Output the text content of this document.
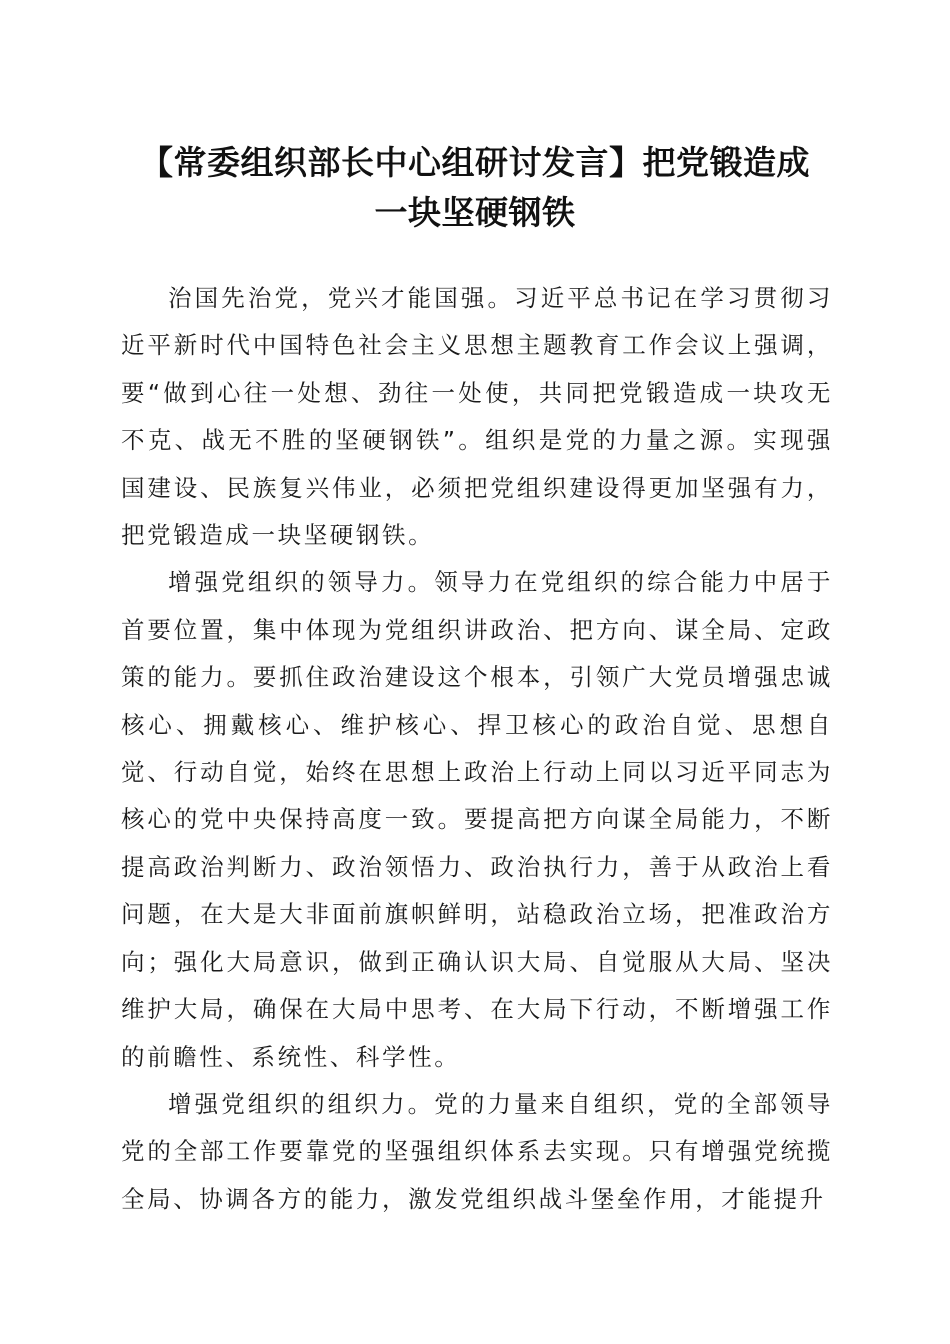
【常委组织部长中心组研讨发言】把党锻造成
一块坚硬钢铁

治国先治党，党兴才能国强。习近平总书记在学习贯彻习近平新时代中国特色社会主义思想主题教育工作会议上强调，要“做到心往一处想、劲往一处使，共同把党锻造成一块攻无不克、战无不胜的坚硬钢铁”。组织是党的力量之源。实现强国建设、民族复兴伟业，必须把党组织建设得更加坚强有力，把党锻造成一块坚硬钢铁。

增强党组织的领导力。领导力在党组织的综合能力中居于首要位置，集中体现为党组织讲政治、把方向、谋全局、定政策的能力。要抓住政治建设这个根本，引领广大党员增强忠诚核心、拥戴核心、维护核心、捍卫核心的政治自觉、思想自觉、行动自觉，始终在思想上政治上行动上同以习近平同志为核心的党中央保持高度一致。要提高把方向谋全局能力，不断提高政治判断力、政治领悟力、政治执行力，善于从政治上看问题，在大是大非面前旗帜鲜明，站稳政治立场，把准政治方向；强化大局意识，做到正确认识大局、自觉服从大局、坚决维护大局，确保在大局中思考、在大局下行动，不断增强工作的前瞻性、系统性、科学性。

增强党组织的组织力。党的力量来自组织，党的全部领导党的全部工作要靠党的坚强组织体系去实现。只有增强党统揽全局、协调各方的能力，激发党组织战斗堡垒作用，才能提升
